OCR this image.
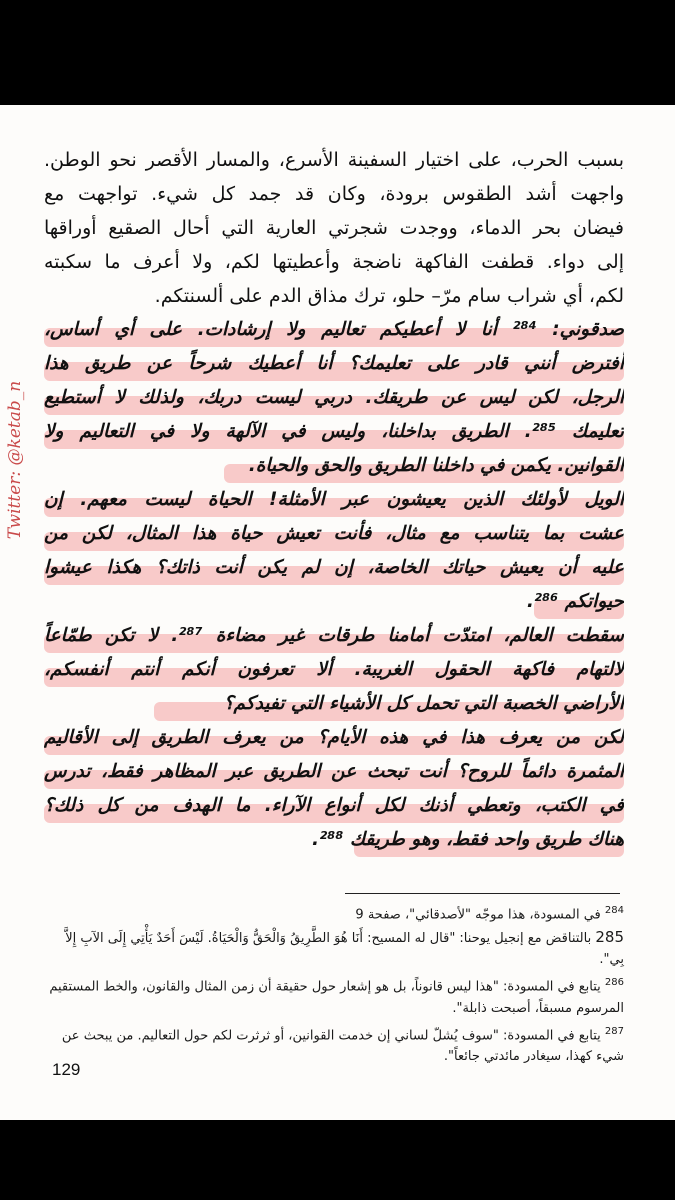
بسبب الحرب، على اختيار السفينة الأسرع، والمسار الأقصر نحو الوطن.
واجهت أشد الطقوس برودة، وكان قد جمد كل شيء. تواجهت مع
فيضان بحر الدماء، ووجدت شجرتي العارية التي أحال الصقيع أوراقها
إلى دواء. قطفت الفاكهة ناضجة وأعطيتها لكم، ولا أعرف ما سكبته
لكم، أي شراب سام مرّ– حلو، ترك مذاق الدم على ألسنتكم.
صدقوني: ²⁸⁴ أنا لا أعطيكم تعاليم ولا إرشادات. على أي أساس،
أفترض أنني قادر على تعليمك؟ أنا أعطيك شرحاً عن طريق هذا
الرجل، لكن ليس عن طريقك. دربي ليست دربك، ولذلك لا أستطيع
تعليمك ²⁸⁵. الطريق بداخلنا، وليس في الآلهة ولا في التعاليم ولا
القوانين. يكمن في داخلنا الطريق والحق والحياة.
الويل لأولئك الذين يعيشون عبر الأمثلة! الحياة ليست معهم. إن
عشت بما يتناسب مع مثال، فأنت تعيش حياة هذا المثال، لكن من
عليه أن يعيش حياتك الخاصة، إن لم يكن أنت ذاتك؟ هكذا عيشوا
حيواتكم ²⁸⁶.
سقطت العالم، امتدّت أمامنا طرقات غير مضاءة ²⁸⁷. لا تكن طمّاعاً
لالتهام فاكهة الحقول الغريبة. ألا تعرفون أنكم أنتم أنفسكم،
الأراضي الخصبة التي تحمل كل الأشياء التي تفيدكم؟
لكن من يعرف هذا في هذه الأيام؟ من يعرف الطريق إلى الأقاليم
المثمرة دائماً للروح؟ أنت تبحث عن الطريق عبر المظاهر فقط، تدرس
في الكتب، وتعطي أذنك لكل أنواع الآراء. ما الهدف من كل ذلك؟
هناك طريق واحد فقط، وهو طريقك ²⁸⁸.
$^{284}$ في المسودة، هذا موجّه "لأصدقائي"، صفحة 9
285 بالتناقض مع إنجيل يوحنا: "قال له المسيح: أَنَا هُوَ الطَّرِيقُ وَالْحَقُّ وَالْحَيَاةُ. لَيْسَ أَحَدٌ يَأْتِي إِلَى الآبِ إِلاَّ بِي".
$^{286}$ يتابع في المسودة: "هذا ليس قانوناً، بل هو إشعار حول حقيقة أن زمن المثال والقانون، والخط المستقيم المرسوم مسبقاً، أصبحت ذابلة".
$^{287}$ يتابع في المسودة: "سوف يُشلّ لساني إن خدمت القوانين، أو ثرثرت لكم حول التعاليم. من يبحث عن شيء كهذا، سيغادر مائدتي جائعاً".
129
Twitter: @ketab_n
